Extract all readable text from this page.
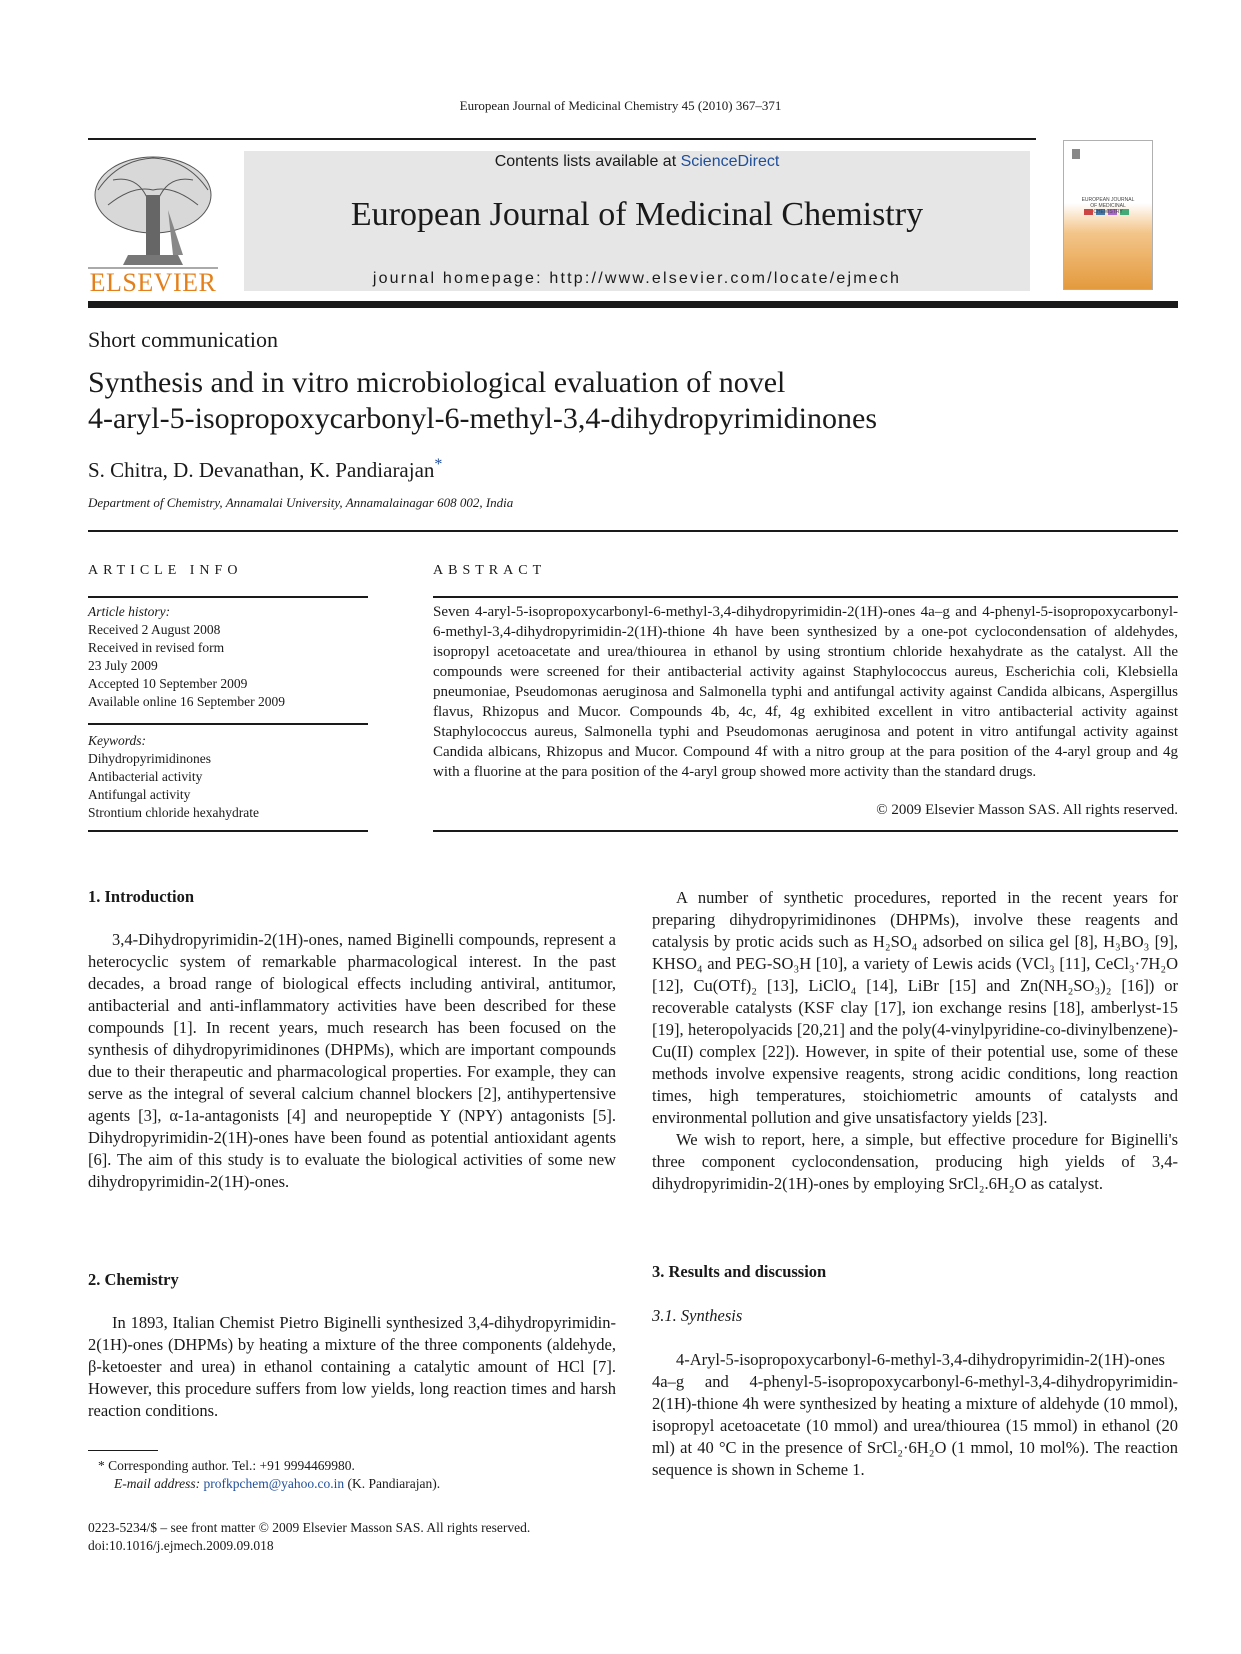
European Journal of Medicinal Chemistry 45 (2010) 367–371
ELSEVIER
Contents lists available at ScienceDirect
European Journal of Medicinal Chemistry
journal homepage: http://www.elsevier.com/locate/ejmech
EUROPEAN JOURNAL OF MEDICINAL CHEMISTRY
Short communication
Synthesis and in vitro microbiological evaluation of novel
4-aryl-5-isopropoxycarbonyl-6-methyl-3,4-dihydropyrimidinones
S. Chitra, D. Devanathan, K. Pandiarajan*
Department of Chemistry, Annamalai University, Annamalainagar 608 002, India
ARTICLE INFO
Article history:
Received 2 August 2008
Received in revised form
23 July 2009
Accepted 10 September 2009
Available online 16 September 2009
Keywords:
Dihydropyrimidinones
Antibacterial activity
Antifungal activity
Strontium chloride hexahydrate
ABSTRACT
Seven 4-aryl-5-isopropoxycarbonyl-6-methyl-3,4-dihydropyrimidin-2(1H)-ones 4a–g and 4-phenyl-5-isopropoxycarbonyl-6-methyl-3,4-dihydropyrimidin-2(1H)-thione 4h have been synthesized by a one-pot cyclocondensation of aldehydes, isopropyl acetoacetate and urea/thiourea in ethanol by using strontium chloride hexahydrate as the catalyst. All the compounds were screened for their antibacterial activity against Staphylococcus aureus, Escherichia coli, Klebsiella pneumoniae, Pseudomonas aeruginosa and Salmonella typhi and antifungal activity against Candida albicans, Aspergillus flavus, Rhizopus and Mucor. Compounds 4b, 4c, 4f, 4g exhibited excellent in vitro antibacterial activity against Staphylococcus aureus, Salmonella typhi and Pseudomonas aeruginosa and potent in vitro antifungal activity against Candida albicans, Rhizopus and Mucor. Compound 4f with a nitro group at the para position of the 4-aryl group and 4g with a fluorine at the para position of the 4-aryl group showed more activity than the standard drugs.
© 2009 Elsevier Masson SAS. All rights reserved.
1. Introduction

3,4-Dihydropyrimidin-2(1H)-ones, named Biginelli compounds, represent a heterocyclic system of remarkable pharmacological interest. In the past decades, a broad range of biological effects including antiviral, antitumor, antibacterial and anti-inflammatory activities have been described for these compounds [1]. In recent years, much research has been focused on the synthesis of dihydropyrimidinones (DHPMs), which are important compounds due to their therapeutic and pharmacological properties. For example, they can serve as the integral of several calcium channel blockers [2], antihypertensive agents [3], α-1a-antagonists [4] and neuropeptide Y (NPY) antagonists [5]. Dihydropyrimidin-2(1H)-ones have been found as potential antioxidant agents [6]. The aim of this study is to evaluate the biological activities of some new dihydropyrimidin-2(1H)-ones.

2. Chemistry

In 1893, Italian Chemist Pietro Biginelli synthesized 3,4-dihydropyrimidin-2(1H)-ones (DHPMs) by heating a mixture of the three components (aldehyde, β-ketoester and urea) in ethanol containing a catalytic amount of HCl [7]. However, this procedure suffers from low yields, long reaction times and harsh reaction conditions.

A number of synthetic procedures, reported in the recent years for preparing dihydropyrimidinones (DHPMs), involve these reagents and catalysis by protic acids such as H₂SO₄ adsorbed on silica gel [8], H₃BO₃ [9], KHSO₄ and PEG-SO₃H [10], a variety of Lewis acids (VCl₃ [11], CeCl₃·7H₂O [12], Cu(OTf)₂ [13], LiClO₄ [14], LiBr [15] and Zn(NH₂SO₃)₂ [16]) or recoverable catalysts (KSF clay [17], ion exchange resins [18], amberlyst-15 [19], heteropolyacids [20,21] and the poly(4-vinylpyridine-co-divinylbenzene)-Cu(II) complex [22]). However, in spite of their potential use, some of these methods involve expensive reagents, strong acidic conditions, long reaction times, high temperatures, stoichiometric amounts of catalysts and environmental pollution and give unsatisfactory yields [23].

We wish to report, here, a simple, but effective procedure for Biginelli's three component cyclocondensation, producing high yields of 3,4-dihydropyrimidin-2(1H)-ones by employing SrCl₂.6H₂O as catalyst.

3. Results and discussion
3.1. Synthesis

4-Aryl-5-isopropoxycarbonyl-6-methyl-3,4-dihydropyrimidin-2(1H)-ones 4a–g and 4-phenyl-5-isopropoxycarbonyl-6-methyl-3,4-dihydropyrimidin-2(1H)-thione 4h were synthesized by heating a mixture of aldehyde (10 mmol), isopropyl acetoacetate (10 mmol) and urea/thiourea (15 mmol) in ethanol (20 ml) at 40 °C in the presence of SrCl₂·6H₂O (1 mmol, 10 mol%). The reaction sequence is shown in Scheme 1.

* Corresponding author. Tel.: +91 9994469980.
E-mail address: profkpchem@yahoo.co.in (K. Pandiarajan).
0223-5234/$ – see front matter © 2009 Elsevier Masson SAS. All rights reserved.
doi:10.1016/j.ejmech.2009.09.018
